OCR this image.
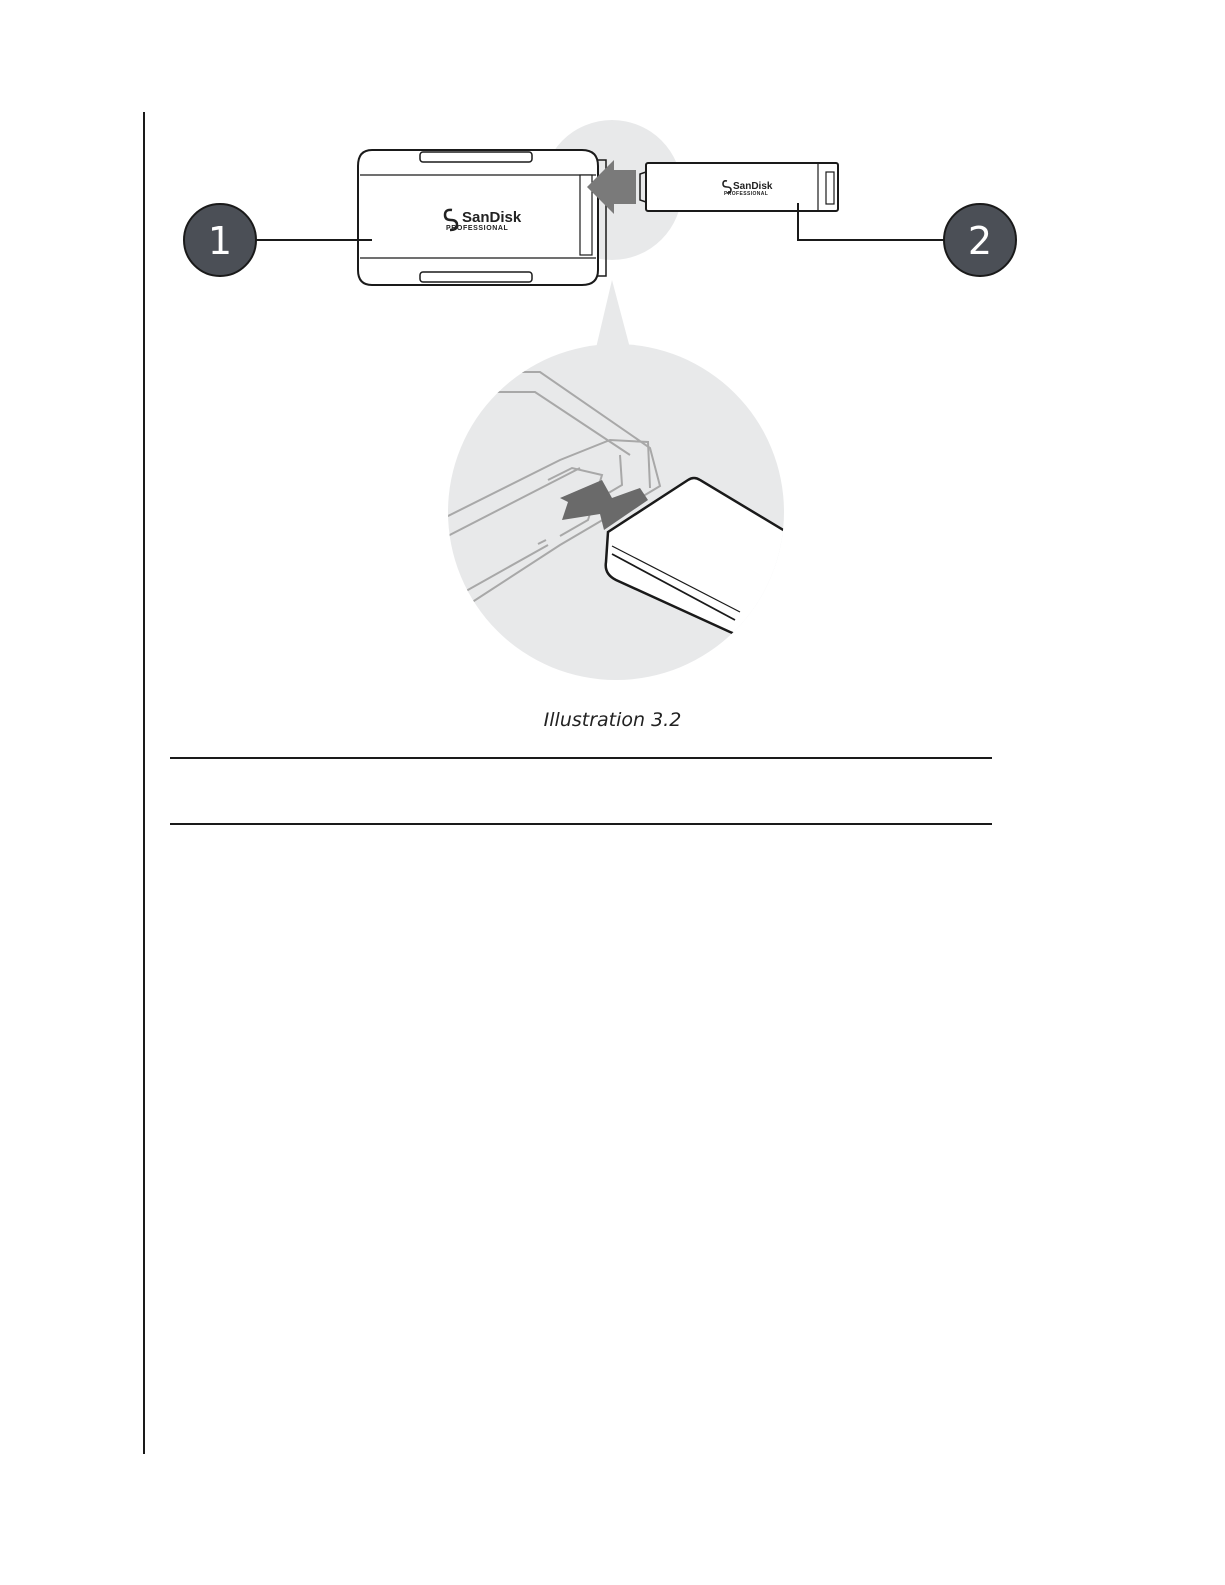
SanDisk
PROFESSIONAL
SanDisk
PROFESSIONAL
1	2
Illustration 3.2
